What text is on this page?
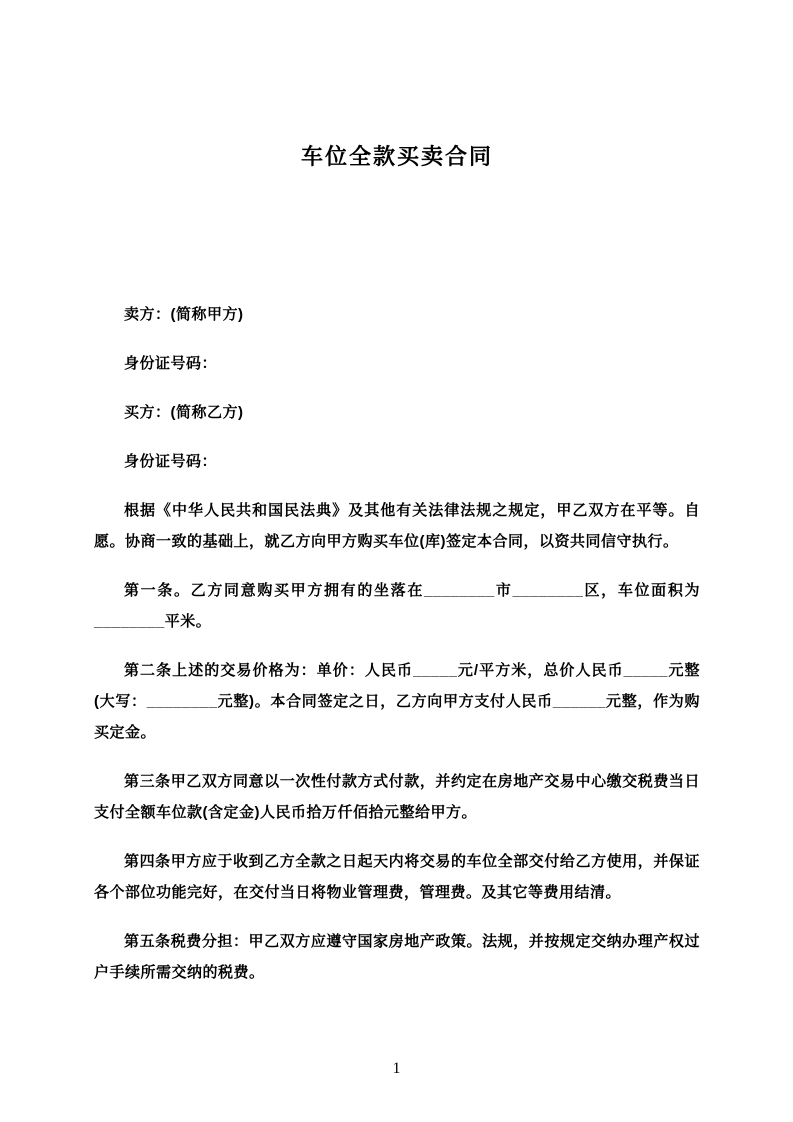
车位全款买卖合同

卖方：(简称甲方)

身份证号码：

买方：(简称乙方)

身份证号码：

根据《中华人民共和国民法典》及其他有关法律法规之规定，甲乙双方在平等。自愿。协商一致的基础上，就乙方向甲方购买车位(库)签定本合同，以资共同信守执行。

第一条。乙方同意购买甲方拥有的坐落在________市________区，车位面积为________平米。

第二条上述的交易价格为：单价：人民币_____元/平方米，总价人民币_____元整(大写：________元整)。本合同签定之日，乙方向甲方支付人民币______元整，作为购买定金。

第三条甲乙双方同意以一次性付款方式付款，并约定在房地产交易中心缴交税费当日支付全额车位款(含定金)人民币拾万仟佰拾元整给甲方。

第四条甲方应于收到乙方全款之日起天内将交易的车位全部交付给乙方使用，并保证各个部位功能完好，在交付当日将物业管理费，管理费。及其它等费用结清。

第五条税费分担：甲乙双方应遵守国家房地产政策。法规，并按规定交纳办理产权过户手续所需交纳的税费。

1
